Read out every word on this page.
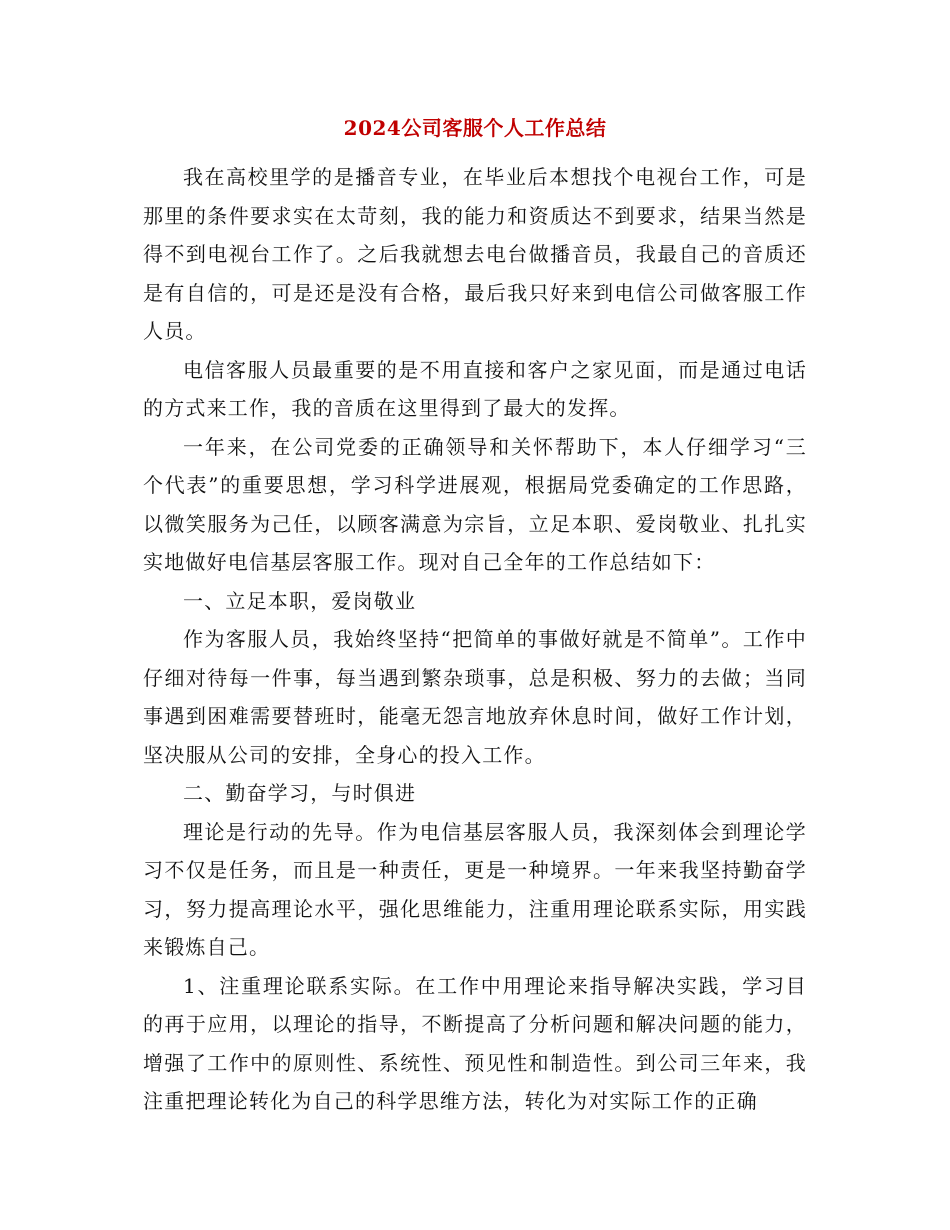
2024公司客服个人工作总结

我在高校里学的是播音专业，在毕业后本想找个电视台工作，可是那里的条件要求实在太苛刻，我的能力和资质达不到要求，结果当然是得不到电视台工作了。之后我就想去电台做播音员，我最自己的音质还是有自信的，可是还是没有合格，最后我只好来到电信公司做客服工作人员。

电信客服人员最重要的是不用直接和客户之家见面，而是通过电话的方式来工作，我的音质在这里得到了最大的发挥。

一年来，在公司党委的正确领导和关怀帮助下，本人仔细学习“三个代表”的重要思想，学习科学进展观，根据局党委确定的工作思路，以微笑服务为己任，以顾客满意为宗旨，立足本职、爱岗敬业、扎扎实实地做好电信基层客服工作。现对自己全年的工作总结如下：

一、立足本职，爱岗敬业

作为客服人员，我始终坚持“把简单的事做好就是不简单”。工作中仔细对待每一件事，每当遇到繁杂琐事，总是积极、努力的去做；当同事遇到困难需要替班时，能毫无怨言地放弃休息时间，做好工作计划，坚决服从公司的安排，全身心的投入工作。

二、勤奋学习，与时俱进

理论是行动的先导。作为电信基层客服人员，我深刻体会到理论学习不仅是任务，而且是一种责任，更是一种境界。一年来我坚持勤奋学习，努力提高理论水平，强化思维能力，注重用理论联系实际，用实践来锻炼自己。

1、注重理论联系实际。在工作中用理论来指导解决实践，学习目的再于应用，以理论的指导，不断提高了分析问题和解决问题的能力，增强了工作中的原则性、系统性、预见性和制造性。到公司三年来，我注重把理论转化为自己的科学思维方法，转化为对实际工作的正确
